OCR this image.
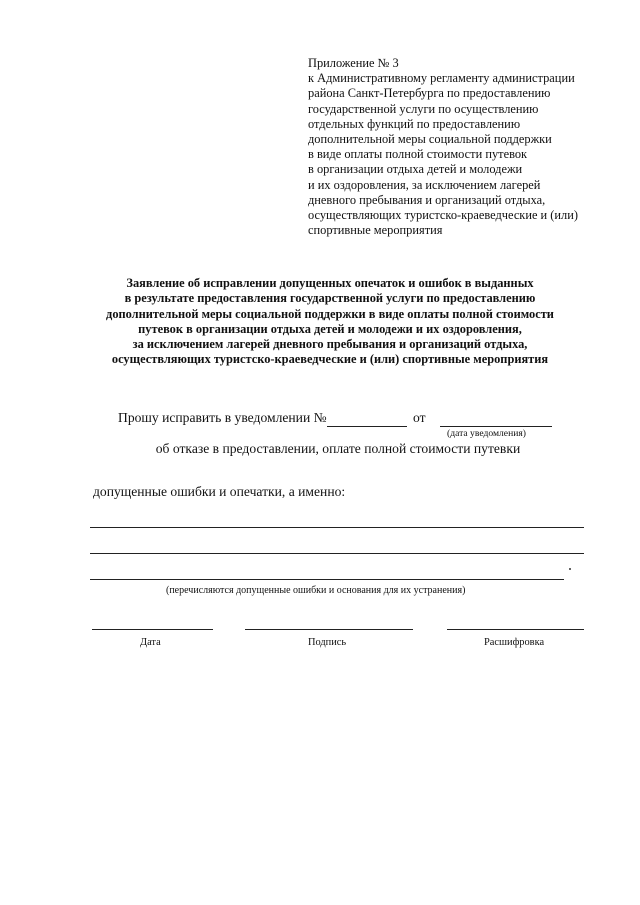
Приложение № 3
к Административному регламенту администрации
района Санкт-Петербурга по предоставлению
государственной услуги по осуществлению
отдельных функций по предоставлению
дополнительной меры социальной поддержки
в виде оплаты полной стоимости путевок
в организации отдыха детей и молодежи
и их оздоровления, за исключением лагерей
дневного пребывания и организаций отдыха,
осуществляющих туристско-краеведческие и (или)
спортивные мероприятия
Заявление об исправлении допущенных опечаток и ошибок в выданных
в результате предоставления государственной услуги по предоставлению
дополнительной меры социальной поддержки в виде оплаты полной стоимости
путевок в организации отдыха детей и молодежи и их оздоровления,
за исключением лагерей дневного пребывания и организаций отдыха,
осуществляющих туристско-краеведческие и (или) спортивные мероприятия
Прошу исправить в уведомлении №	от
(дата уведомления)
об отказе в предоставлении, оплате полной стоимости путевки
допущенные ошибки и опечатки, а именно:
(перечисляются допущенные ошибки и основания для их устранения)
Дата	Подпись	Расшифровка
